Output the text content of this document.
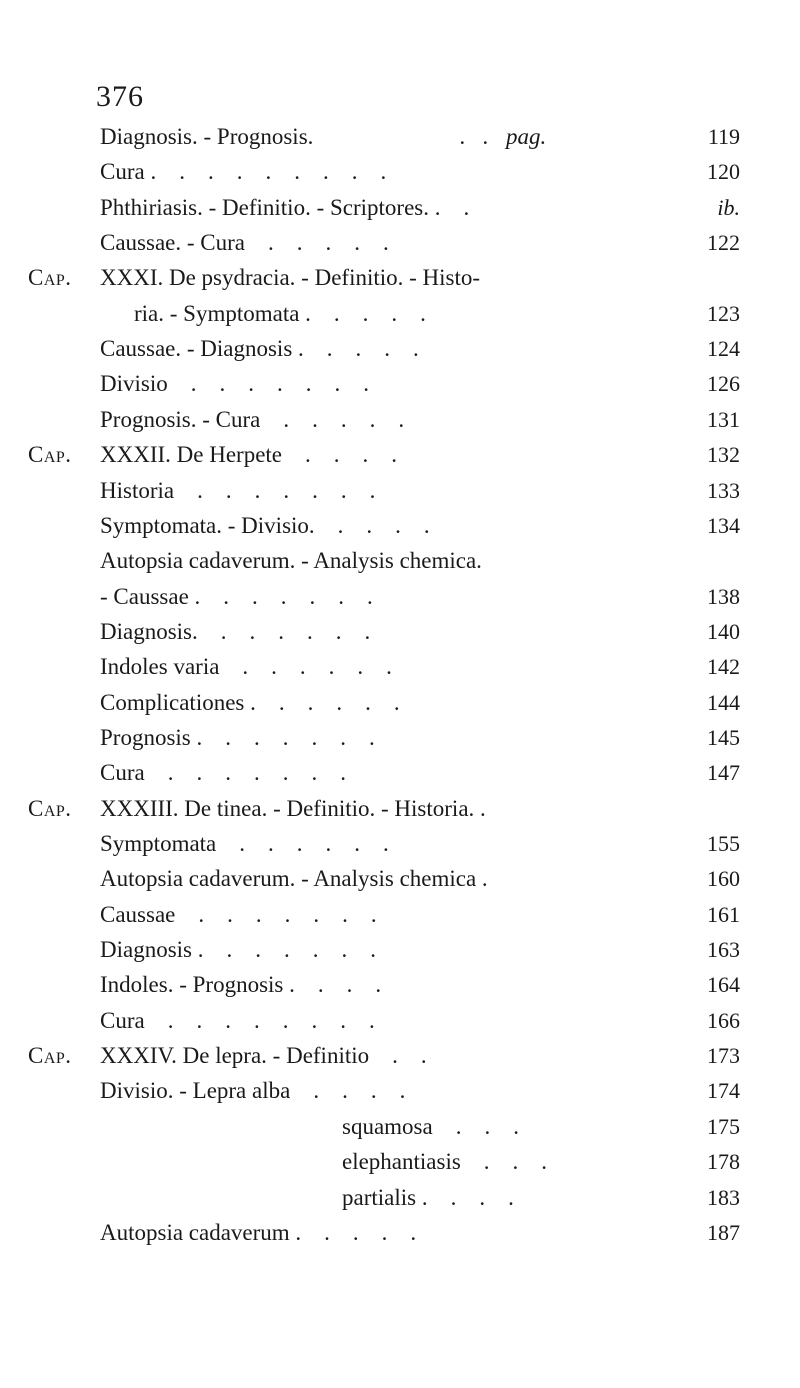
376
Diagnosis. - Prognosis.	.   .   pag.	119
Cura .    .    .    .    .    .    .    .    .	120
Phthiriasis. - Definitio. - Scriptores. .    .	ib.
Caussae. - Cura    .    .    .    .    .	122
Cap. XXXI. De psydracia. - Definitio. - Histo-
ria. - Symptomata .    .    .    .    .	123
Caussae. - Diagnosis .    .    .    .    .	124
Divisio    .    .    .    .    .    .    .	126
Prognosis. - Cura    .    .    .    .    .	131
Cap. XXXII. De Herpete    .    .    .    .	132
Historia    .    .    .    .    .    .    .	133
Symptomata. - Divisio.    .    .    .    .	134
Autopsia cadaverum. - Analysis chemica.
- Caussae .    .    .    .    .    .    .	138
Diagnosis.    .    .    .    .    .    .	140
Indoles varia    .    .    .    .    .    .	142
Complicationes .    .    .    .    .    .	144
Prognosis .    .    .    .    .    .    .	145
Cura    .    .    .    .    .    .    .	147
Cap. XXXIII. De tinea. - Definitio. - Historia. .
Symptomata    .    .    .    .    .    .	155
Autopsia cadaverum. - Analysis chemica .	160
Caussae    .    .    .    .    .    .    .	161
Diagnosis .    .    .    .    .    .    .	163
Indoles. - Prognosis .    .    .    .	164
Cura    .    .    .    .    .    .    .    .	166
Cap. XXXIV. De lepra. - Definitio    .    .	173
Divisio. - Lepra alba    .    .    .    .	174
squamosa    .    .    .	175
elephantiasis    .    .    .	178
partialis .    .    .    .	183
Autopsia cadaverum .    .    .    .    .	187
